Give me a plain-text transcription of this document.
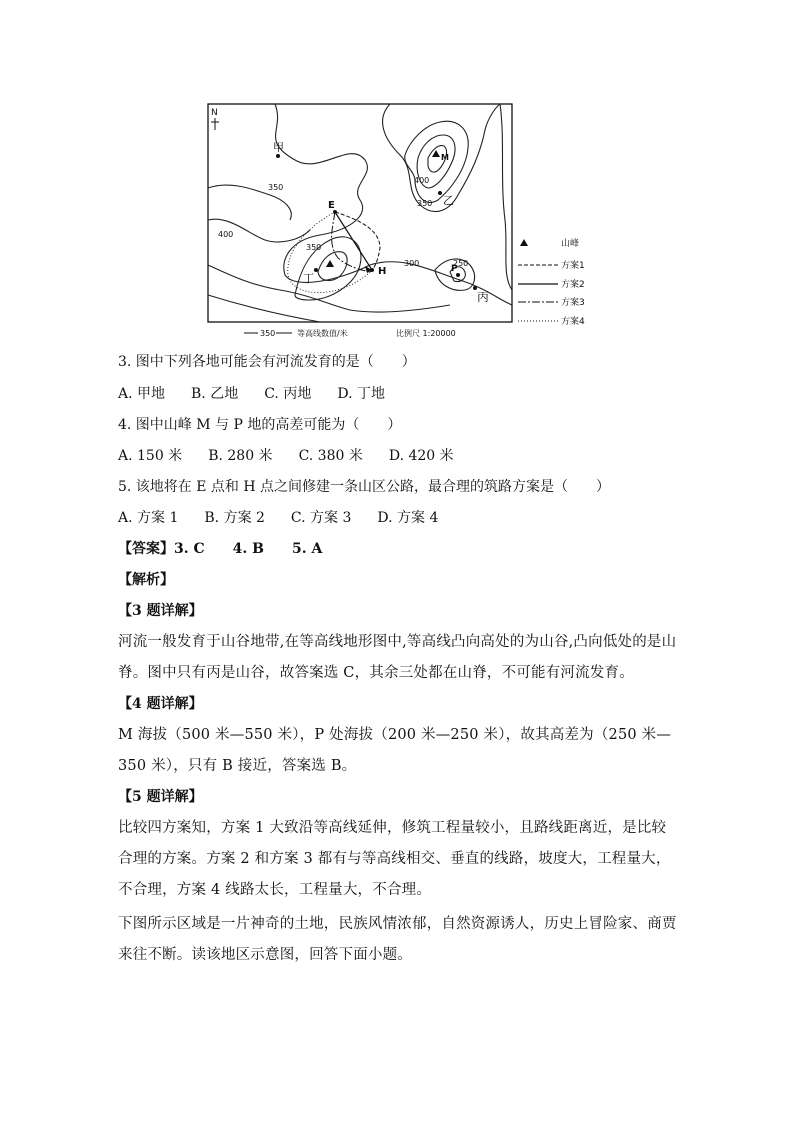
N
甲
乙
丙
丁
E
H
M
P
350
400
400
350
350
300	250
山峰
方案1
方案2
方案3
方案4
350	等高线数值/米	比例尺 1:20000
3. 图中下列各地可能会有河流发育的是（　　）
A. 甲地 B. 乙地 C. 丙地 D. 丁地
4. 图中山峰 M 与 P 地的高差可能为（　　）
A. 150 米 B. 280 米 C. 380 米 D. 420 米
5. 该地将在 E 点和 H 点之间修建一条山区公路，最合理的筑路方案是（　　）
A. 方案 1 B. 方案 2 C. 方案 3 D. 方案 4
【答案】3. C　　4. B　　5. A
【解析】
【3 题详解】
河流一般发育于山谷地带,在等高线地形图中,等高线凸向高处的为山谷,凸向低处的是山脊。图中只有丙是山谷，故答案选 C，其余三处都在山脊，不可能有河流发育。
【4 题详解】
M 海拔（500 米—550 米），P 处海拔（200 米—250 米），故其高差为（250 米—350 米），只有 B 接近，答案选 B。
【5 题详解】
比较四方案知，方案 1 大致沿等高线延伸，修筑工程量较小，且路线距离近，是比较合理的方案。方案 2 和方案 3 都有与等高线相交、垂直的线路，坡度大，工程量大，不合理，方案 4 线路太长，工程量大，不合理。
下图所示区域是一片神奇的土地，民族风情浓郁，自然资源诱人，历史上冒险家、商贾来往不断。读该地区示意图，回答下面小题。
